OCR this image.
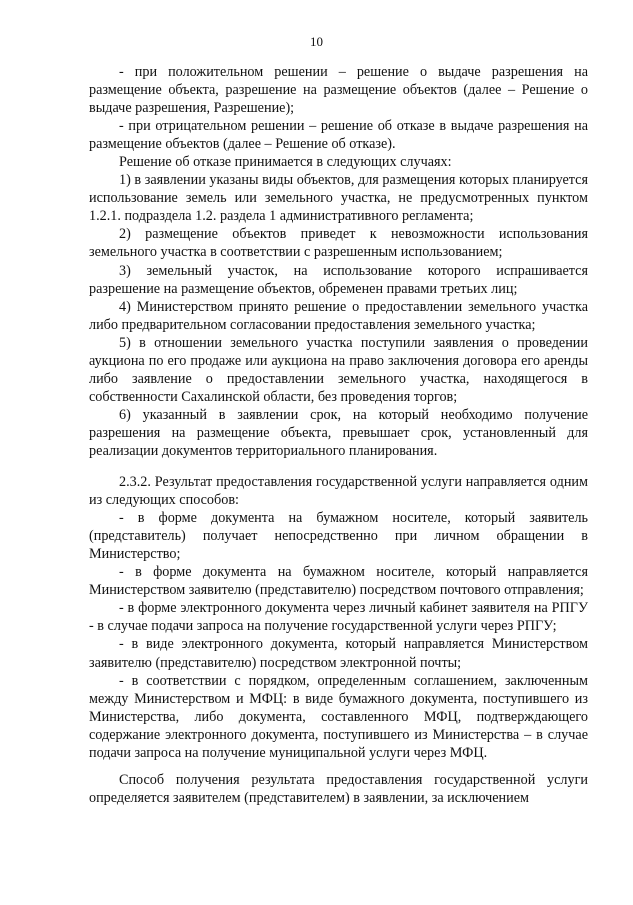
10

- при положительном решении – решение о выдаче разрешения на размещение объекта, разрешение на размещение объектов (далее – Решение о выдаче разрешения, Разрешение);

- при отрицательном решении – решение об отказе в выдаче разрешения на размещение объектов (далее – Решение об отказе).

Решение об отказе принимается в следующих случаях:

1) в заявлении указаны виды объектов, для размещения которых планируется использование земель или земельного участка, не предусмотренных пунктом 1.2.1. подраздела 1.2. раздела 1 административного регламента;

2) размещение объектов приведет к невозможности использования земельного участка в соответствии с разрешенным использованием;

3) земельный участок, на использование которого испрашивается разрешение на размещение объектов, обременен правами третьих лиц;

4) Министерством принято решение о предоставлении земельного участка либо предварительном согласовании предоставления земельного участка;

5) в отношении земельного участка поступили заявления о проведении аукциона по его продаже или аукциона на право заключения договора его аренды либо заявление о предоставлении земельного участка, находящегося в собственности Сахалинской области, без проведения торгов;

6) указанный в заявлении срок, на который необходимо получение разрешения на размещение объекта, превышает срок, установленный для реализации документов территориального планирования.

2.3.2. Результат предоставления государственной услуги направляется одним из следующих способов:

- в форме документа на бумажном носителе, который заявитель (представитель) получает непосредственно при личном обращении в Министерство;

- в форме документа на бумажном носителе, который направляется Министерством заявителю (представителю) посредством почтового отправления;

- в форме электронного документа через личный кабинет заявителя на РПГУ - в случае подачи запроса на получение государственной услуги через РПГУ;

- в виде электронного документа, который направляется Министерством заявителю (представителю) посредством электронной почты;

- в соответствии с порядком, определенным соглашением, заключенным между Министерством и МФЦ: в виде бумажного документа, поступившего из Министерства, либо документа, составленного МФЦ, подтверждающего содержание электронного документа, поступившего из Министерства – в случае подачи запроса на получение муниципальной услуги через МФЦ.

Способ получения результата предоставления государственной услуги определяется заявителем (представителем) в заявлении, за исключением
